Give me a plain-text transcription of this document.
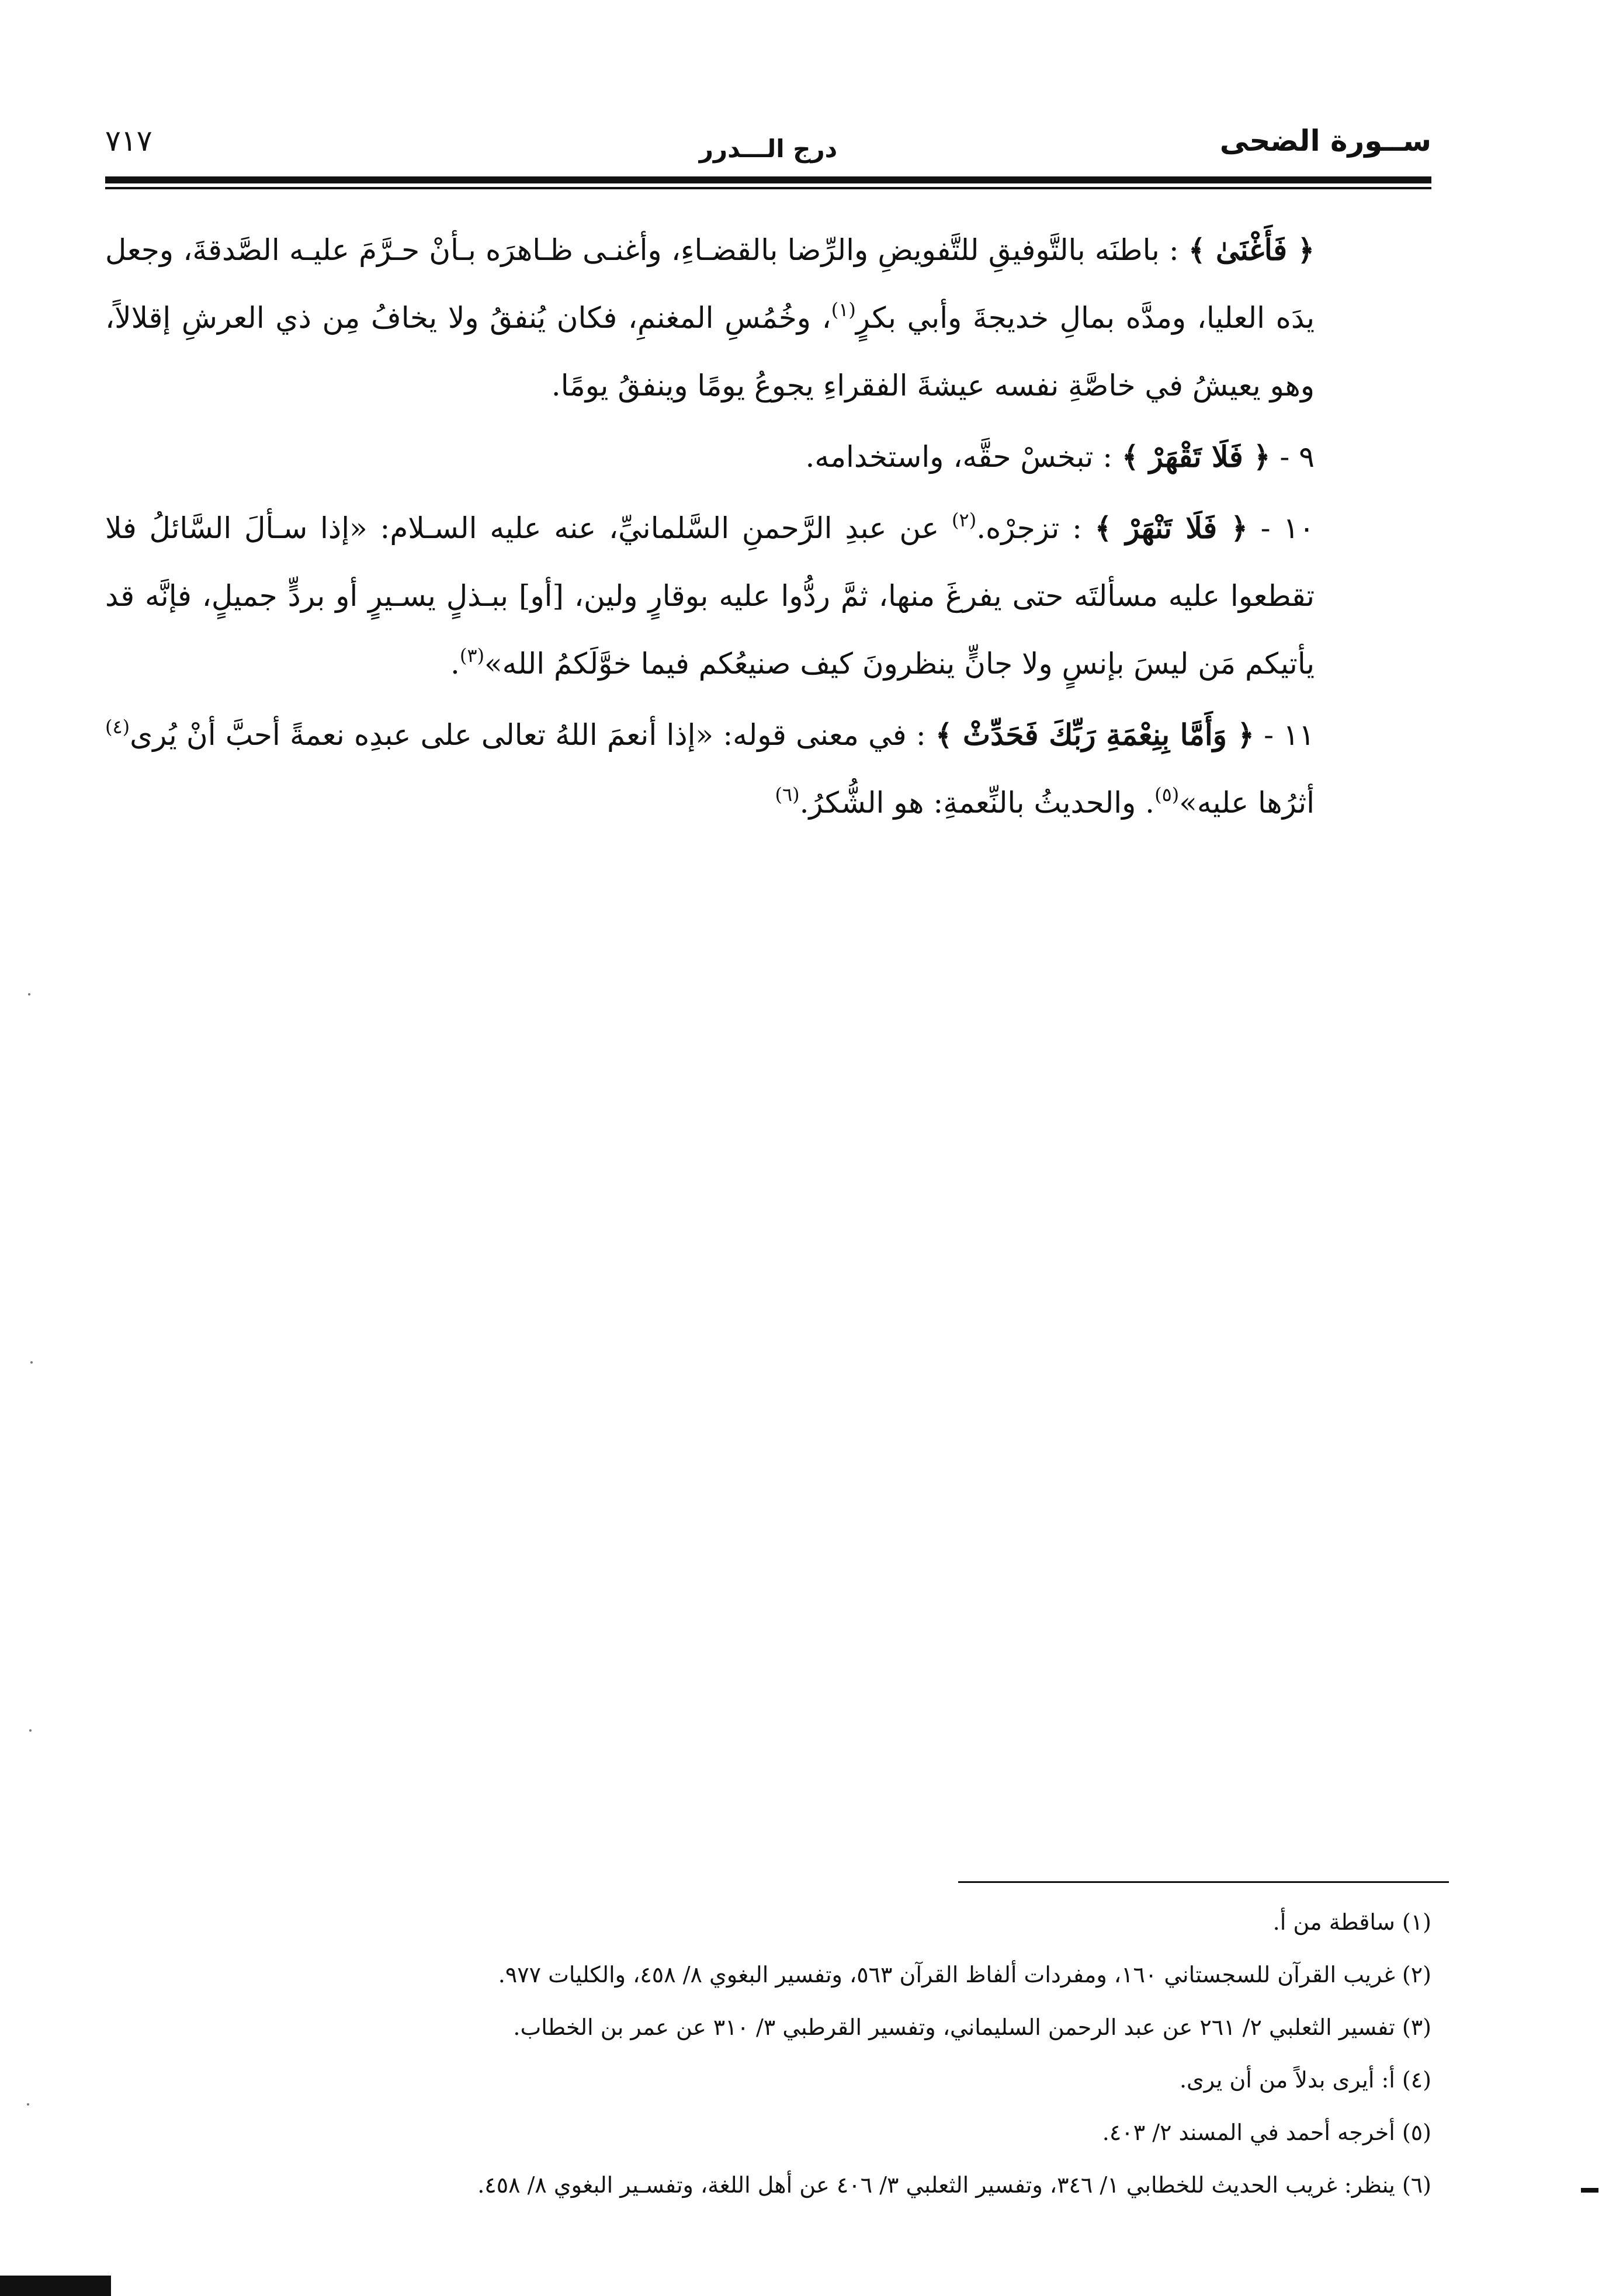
ســورة الضحى
درج الـــدرر
٧١٧

﴿ فَأَغْنَىٰ ﴾ : باطنَه بالتَّوفيقِ للتَّفويضِ والرِّضا بالقضـاءِ، وأغنـى ظـاهرَه بـأنْ حـرَّمَ عليـه الصَّدقةَ، وجعل يدَه العليا، ومدَّه بمالِ خديجةَ وأبي بكرٍ$^{(١)}$، وخُمُسِ المغنمِ، فكان يُنفقُ ولا يخافُ مِن ذي العرشِ إقلالاً، وهو يعيشُ في خاصَّةِ نفسه عيشةَ الفقراءِ يجوعُ يومًا وينفقُ يومًا.

٩ - ﴿ فَلَا تَقْهَرْ ﴾ : تبخسْ حقَّه، واستخدامه.

١٠ - ﴿ فَلَا تَنْهَرْ ﴾ : تزجرْه.$^{(٢)}$ عن عبدِ الرَّحمنِ السَّلمانيِّ، عنه عليه السـلام: «إذا سـألَ السَّائلُ فلا تقطعوا عليه مسألتَه حتى يفرغَ منها، ثمَّ ردُّوا عليه بوقارٍ ولين، [أو] ببـذلٍ يسـيرٍ أو بردٍّ جميلٍ، فإنَّه قد يأتيكم مَن ليسَ بإنسٍ ولا جانٍّ ينظرونَ كيف صنيعُكم فيما خوَّلَكمُ الله»$^{(٣)}$.

١١ - ﴿ وَأَمَّا بِنِعْمَةِ رَبِّكَ فَحَدِّثْ ﴾ : في معنى قوله: «إذا أنعمَ اللهُ تعالى على عبدِه نعمةً أحبَّ أنْ يُرى$^{(٤)}$ أثرُها عليه»$^{(٥)}$. والحديثُ بالنِّعمةِ: هو الشُّكرُ.$^{(٦)}$

(١) ساقطة من أ.
(٢) غريب القرآن للسجستاني ١٦٠، ومفردات ألفاظ القرآن ٥٦٣، وتفسير البغوي ٨/ ٤٥٨، والكليات ٩٧٧.
(٣) تفسير الثعلبي ٢/ ٢٦١ عن عبد الرحمن السليماني، وتفسير القرطبي ٣/ ٣١٠ عن عمر بن الخطاب.
(٤) أ: أيرى بدلاً من أن يرى.
(٥) أخرجه أحمد في المسند ٢/ ٤٠٣.
(٦) ينظر: غريب الحديث للخطابي ١/ ٣٤٦، وتفسير الثعلبي ٣/ ٤٠٦ عن أهل اللغة، وتفسـير البغوي ٨/ ٤٥٨.
